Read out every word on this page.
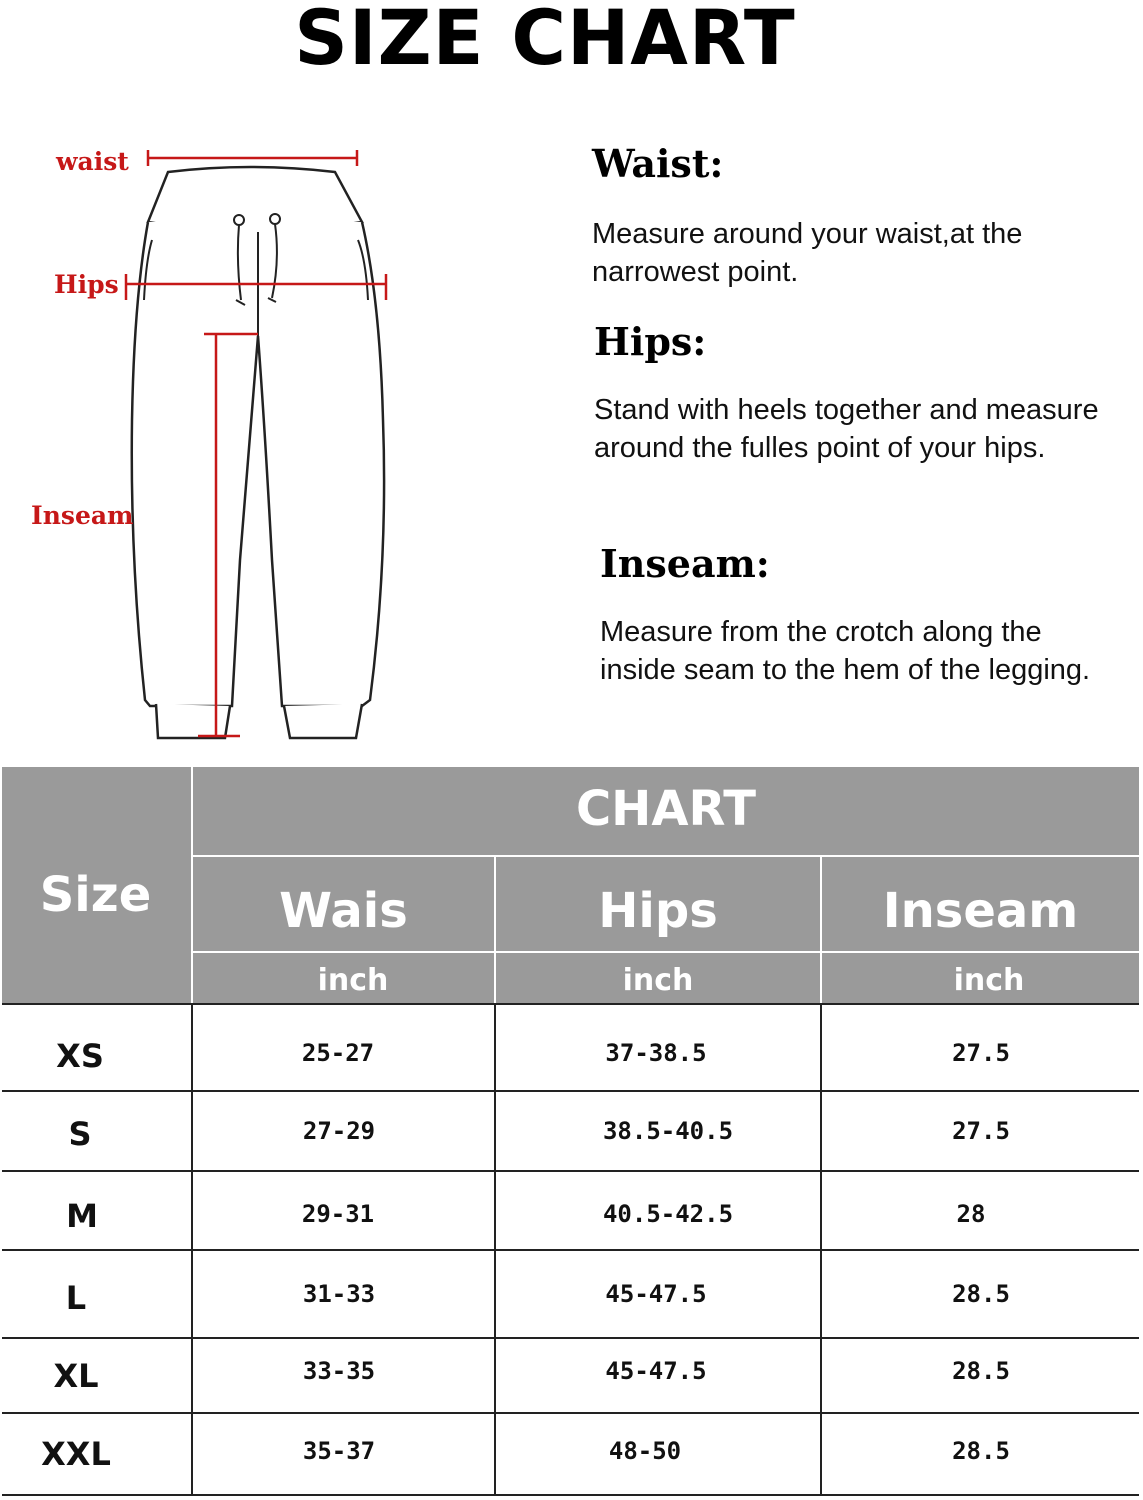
SIZE CHART
waist
Hips
Inseam
Waist:
Measure around your waist,at the narrowest point.
Hips:
Stand with heels together and measure around the fulles point of your hips.
Inseam:
Measure from the crotch along the inside seam to the hem of the legging.
Size
CHART
Wais	Hips	Inseam
inch	inch	inch
XS	25-27	37-38.5	27.5
S	27-29	38.5-40.5	27.5
M	29-31	40.5-42.5	28
L	31-33	45-47.5	28.5
XL	33-35	45-47.5	28.5
XXL	35-37	48-50	28.5
